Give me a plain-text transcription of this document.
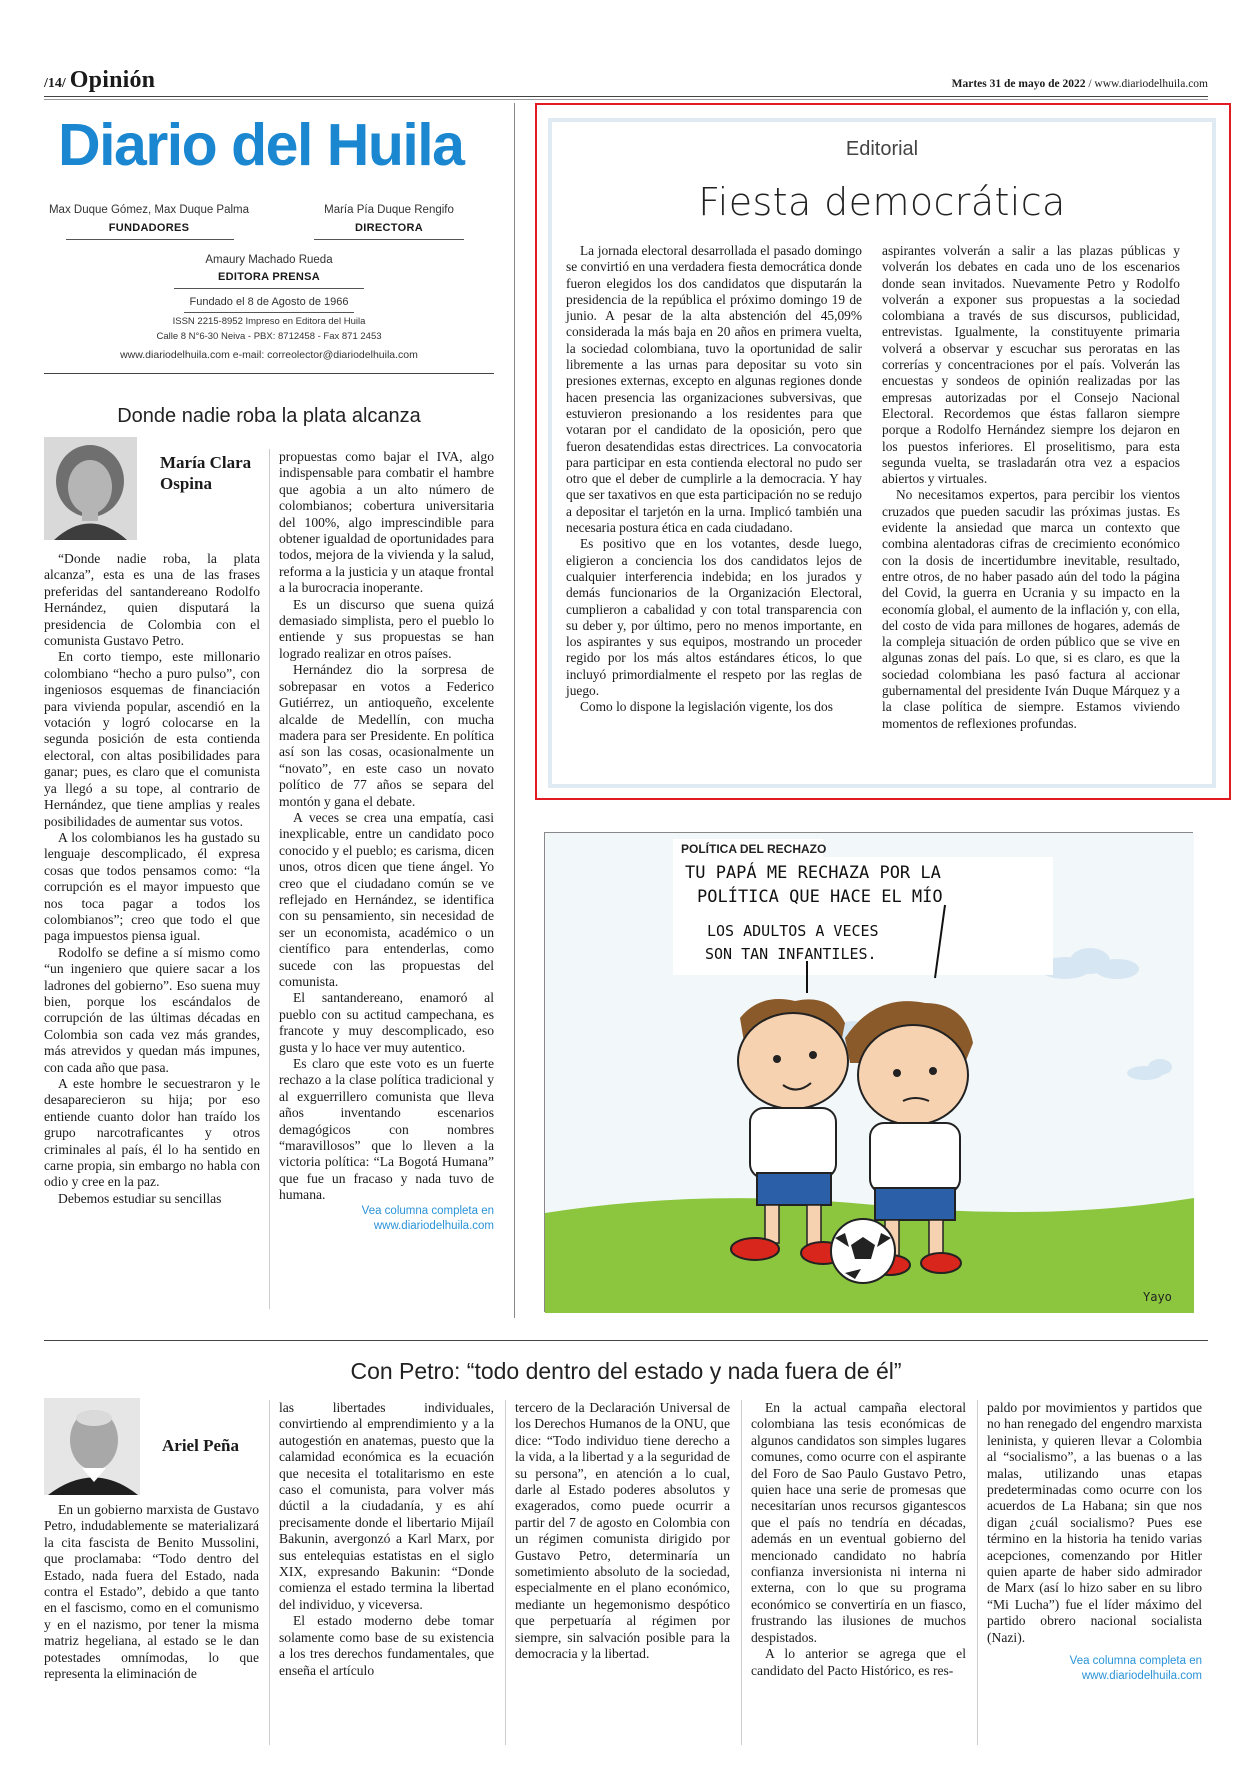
/14/ Opinión	Martes 31 de mayo de 2022 / www.diariodelhuila.com
Diario del Huila
Max Duque Gómez, Max Duque Palma
FUNDADORES
María Pía Duque Rengifo
DIRECTORA
Amaury Machado Rueda
EDITORA PRENSA
Fundado el 8 de Agosto de 1966
ISSN 2215-8952 Impreso en Editora del Huila
Calle 8 N°6-30 Neiva - PBX: 8712458 - Fax 871 2453
www.diariodelhuila.com e-mail: correolector@diariodelhuila.com
Donde nadie roba la plata alcanza
María Clara Ospina

“Donde nadie roba, la plata alcanza”, esta es una de las frases preferidas del santandereano Rodolfo Hernández, quien disputará la presidencia de Colombia con el comunista Gustavo Petro.

En corto tiempo, este millonario colombiano “hecho a puro pulso”, con ingeniosos esquemas de financiación para vivienda popular, ascendió en la votación y logró colocarse en la segunda posición de esta contienda electoral, con altas posibilidades para ganar; pues, es claro que el comunista ya llegó a su tope, al contrario de Hernández, que tiene amplias y reales posibilidades de aumentar sus votos.

A los colombianos les ha gustado su lenguaje descomplicado, él expresa cosas que todos pensamos como: “la corrupción es el mayor impuesto que nos toca pagar a todos los colombianos”; creo que todo el que paga impuestos piensa igual.

Rodolfo se define a sí mismo como “un ingeniero que quiere sacar a los ladrones del gobierno”. Eso suena muy bien, porque los escándalos de corrupción de las últimas décadas en Colombia son cada vez más grandes, más atrevidos y quedan más impunes, con cada año que pasa.

A este hombre le secuestraron y le desaparecieron su hija; por eso entiende cuanto dolor han traído los grupo narcotraficantes y otros criminales al país, él lo ha sentido en carne propia, sin embargo no habla con odio y cree en la paz.

Debemos estudiar su sencillas

propuestas como bajar el IVA, algo indispensable para combatir el hambre que agobia a un alto número de colombianos; cobertura universitaria del 100%, algo imprescindible para obtener igualdad de oportunidades para todos, mejora de la vivienda y la salud, reforma a la justicia y un ataque frontal a la burocracia inoperante.

Es un discurso que suena quizá demasiado simplista, pero el pueblo lo entiende y sus propuestas se han logrado realizar en otros países.

Hernández dio la sorpresa de sobrepasar en votos a Federico Gutiérrez, un antioqueño, excelente alcalde de Medellín, con mucha madera para ser Presidente. En política así son las cosas, ocasionalmente un “novato”, en este caso un novato político de 77 años se separa del montón y gana el debate.

A veces se crea una empatía, casi inexplicable, entre un candidato poco conocido y el pueblo; es carisma, dicen unos, otros dicen que tiene ángel. Yo creo que el ciudadano común se ve reflejado en Hernández, se identifica con su pensamiento, sin necesidad de ser un economista, académico o un científico para entenderlas, como sucede con las propuestas del comunista.

El santandereano, enamoró al pueblo con su actitud campechana, es francote y muy descomplicado, eso gusta y lo hace ver muy autentico.

Es claro que este voto es un fuerte rechazo a la clase política tradicional y al exguerrillero comunista que lleva años inventando escenarios demagógicos con nombres “maravillosos” que lo lleven a la victoria política: “La Bogotá Humana” que fue un fracaso y nada tuvo de humana.

Vea columna completa en
www.diariodelhuila.com
Editorial
Fiesta democrática

La jornada electoral desarrollada el pasado domingo se convirtió en una verdadera fiesta democrática donde fueron elegidos los dos candidatos que disputarán la presidencia de la república el próximo domingo 19 de junio. A pesar de la alta abstención del 45,09% considerada la más baja en 20 años en primera vuelta, la sociedad colombiana, tuvo la oportunidad de salir libremente a las urnas para depositar su voto sin presiones externas, excepto en algunas regiones donde hacen presencia las organizaciones subversivas, que estuvieron presionando a los residentes para que votaran por el candidato de la oposición, pero que fueron desatendidas estas directrices. La convocatoria para participar en esta contienda electoral no pudo ser otro que el deber de cumplirle a la democracia. Y hay que ser taxativos en que esta participación no se redujo a depositar el tarjetón en la urna. Implicó también una necesaria postura ética en cada ciudadano.

Es positivo que en los votantes, desde luego, eligieron a conciencia los dos candidatos lejos de cualquier interferencia indebida; en los jurados y demás funcionarios de la Organización Electoral, cumplieron a cabalidad y con total transparencia con su deber y, por último, pero no menos importante, en los aspirantes y sus equipos, mostrando un proceder regido por los más altos estándares éticos, lo que incluyó primordialmente el respeto por las reglas de juego.

Como lo dispone la legislación vigente, los dos

aspirantes volverán a salir a las plazas públicas y volverán los debates en cada uno de los escenarios donde sean invitados. Nuevamente Petro y Rodolfo volverán a exponer sus propuestas a la sociedad colombiana a través de sus discursos, publicidad, entrevistas. Igualmente, la constituyente primaria volverá a observar y escuchar sus peroratas en las correrías y concentraciones por el país. Volverán las encuestas y sondeos de opinión realizadas por las empresas autorizadas por el Consejo Nacional Electoral. Recordemos que éstas fallaron siempre porque a Rodolfo Hernández siempre los dejaron en los puestos inferiores. El proselitismo, para esta segunda vuelta, se trasladarán otra vez a espacios abiertos y virtuales.

No necesitamos expertos, para percibir los vientos cruzados que pueden sacudir las próximas justas. Es evidente la ansiedad que marca un contexto que combina alentadoras cifras de crecimiento económico con la dosis de incertidumbre inevitable, resultado, entre otros, de no haber pasado aún del todo la página del Covid, la guerra en Ucrania y su impacto en la economía global, el aumento de la inflación y, con ella, del costo de vida para millones de hogares, además de la compleja situación de orden público que se vive en algunas zonas del país. Lo que, si es claro, es que la sociedad colombiana les pasó factura al accionar gubernamental del presidente Iván Duque Márquez y a la clase política de siempre. Estamos viviendo momentos de reflexiones profundas.

POLÍTICA DEL RECHAZO
TU PAPÁ ME RECHAZA POR LA
POLÍTICA QUE HACE EL MÍO
LOS ADULTOS A VECES
SON TAN INFANTILES.
Yayo
Con Petro: “todo dentro del estado y nada fuera de él”
Ariel Peña

En un gobierno marxista de Gustavo Petro, indudablemente se materializará la cita fascista de Benito Mussolini, que proclamaba: “Todo dentro del Estado, nada fuera del Estado, nada contra el Estado”, debido a que tanto en el fascismo, como en el comunismo y en el nazismo, por tener la misma matriz hegeliana, al estado se le dan potestades omnímodas, lo que representa la eliminación de

las libertades individuales, convirtiendo al emprendimiento y a la autogestión en anatemas, puesto que la calamidad económica es la ecuación que necesita el totalitarismo en este caso el comunista, para volver más dúctil a la ciudadanía, y es ahí precisamente donde el libertario Mijaíl Bakunin, avergonzó a Karl Marx, por sus entelequias estatistas en el siglo XIX, expresando Bakunin: “Donde comienza el estado termina la libertad del individuo, y viceversa.

El estado moderno debe tomar solamente como base de su existencia a los tres derechos fundamentales, que enseña el artículo

tercero de la Declaración Universal de los Derechos Humanos de la ONU, que dice: “Todo individuo tiene derecho a la vida, a la libertad y a la seguridad de su persona”, en atención a lo cual, darle al Estado poderes absolutos y exagerados, como puede ocurrir a partir del 7 de agosto en Colombia con un régimen comunista dirigido por Gustavo Petro, determinaría un sometimiento absoluto de la sociedad, especialmente en el plano económico, mediante un hegemonismo despótico que perpetuaría al régimen por siempre, sin salvación posible para la democracia y la libertad.

En la actual campaña electoral colombiana las tesis económicas de algunos candidatos son simples lugares comunes, como ocurre con el aspirante del Foro de Sao Paulo Gustavo Petro, quien hace una serie de promesas que necesitarían unos recursos gigantescos que el país no tendría en décadas, además en un eventual gobierno del mencionado candidato no habría confianza inversionista ni interna ni externa, con lo que su programa económico se convertiría en un fiasco, frustrando las ilusiones de muchos despistados.

A lo anterior se agrega que el candidato del Pacto Histórico, es res-

paldo por movimientos y partidos que no han renegado del engendro marxista leninista, y quieren llevar a Colombia al “socialismo”, a las buenas o a las malas, utilizando unas etapas predeterminadas como ocurre con los acuerdos de La Habana; sin que nos digan ¿cuál socialismo? Pues ese término en la historia ha tenido varias acepciones, comenzando por Hitler quien aparte de haber sido admirador de Marx (así lo hizo saber en su libro “Mi Lucha”) fue el líder máximo del partido obrero nacional socialista (Nazi).

Vea columna completa en
www.diariodelhuila.com
